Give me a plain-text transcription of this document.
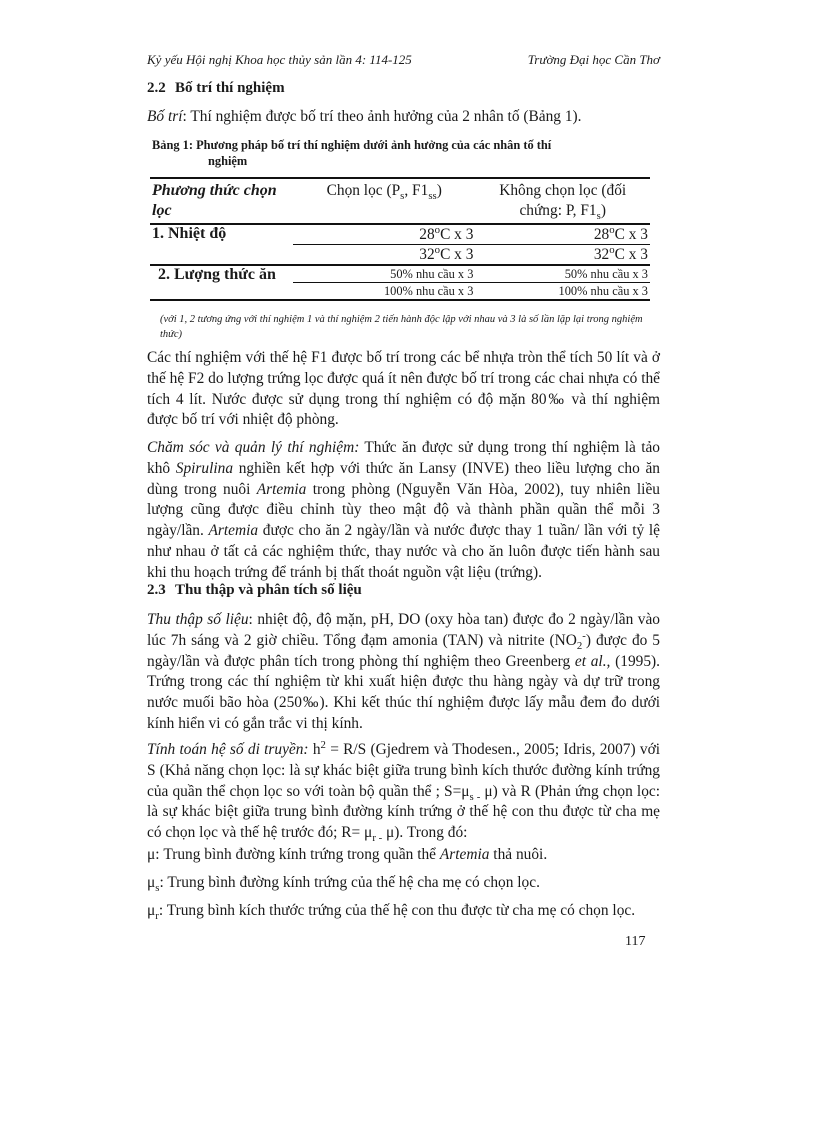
Kỷ yếu Hội nghị Khoa học thủy sản lần 4: 114-125	Trường Đại học Cần Thơ
2.2 Bố trí thí nghiệm
Bố trí: Thí nghiệm được bố trí theo ảnh hưởng của 2 nhân tố (Bảng 1).
Bảng 1: Phương pháp bố trí thí nghiệm dưới ảnh hưởng của các nhân tố thí
nghiệm
Phương thức chọn
lọc	Chọn lọc ($P_s$, $F1_{ss}$)	Không chọn lọc (đối
chứng: P, $F1_s$)
1. Nhiệt độ	28$^o$C x 3	28$^o$C x 3
	32$^o$C x 3	32$^o$C x 3
2. Lượng thức ăn	50% nhu cầu x 3	50% nhu cầu x 3
	100% nhu cầu x 3	100% nhu cầu x 3
(với 1, 2 tương ứng với thí nghiệm 1 và thí nghiệm 2 tiến hành độc lập với nhau và 3 là số lần lặp lại trong nghiệm thức)
Các thí nghiệm với thế hệ F1 được bố trí trong các bể nhựa tròn thể tích 50 lít và ở thế hệ F2 do lượng trứng lọc được quá ít nên được bố trí trong các chai nhựa có thể tích 4 lít. Nước được sử dụng trong thí nghiệm có độ mặn 80‰ và thí nghiệm được bố trí với nhiệt độ phòng.
Chăm sóc và quản lý thí nghiệm: Thức ăn được sử dụng trong thí nghiệm là tảo khô Spirulina nghiền kết hợp với thức ăn Lansy (INVE) theo liều lượng cho ăn dùng trong nuôi Artemia trong phòng (Nguyễn Văn Hòa, 2002), tuy nhiên liều lượng cũng được điều chỉnh tùy theo mật độ và thành phần quần thể mỗi 3 ngày/lần. Artemia được cho ăn 2 ngày/lần và nước được thay 1 tuần/ lần với tỷ lệ như nhau ở tất cả các nghiệm thức, thay nước và cho ăn luôn được tiến hành sau khi thu hoạch trứng để tránh bị thất thoát nguồn vật liệu (trứng).
2.3 Thu thập và phân tích số liệu
Thu thập số liệu: nhiệt độ, độ mặn, pH, DO (oxy hòa tan) được đo 2 ngày/lần vào lúc 7h sáng và 2 giờ chiều. Tổng đạm amonia (TAN) và nitrite $(NO_2^-)$ được đo 5 ngày/lần và được phân tích trong phòng thí nghiệm theo Greenberg et al., (1995). Trứng trong các thí nghiệm từ khi xuất hiện được thu hàng ngày và dự trữ trong nước muối bão hòa (250‰). Khi kết thúc thí nghiệm được lấy mẫu đem đo dưới kính hiển vi có gắn trắc vi thị kính.
Tính toán hệ số di truyền: $h^2 = R/S$ (Gjedrem và Thodesen., 2005; Idris, 2007) với S (Khả năng chọn lọc: là sự khác biệt giữa trung bình kích thước đường kính trứng của quần thể chọn lọc so với toàn bộ quần thể ; $S=\mu_{s -}$ μ) và R (Phản ứng chọn lọc: là sự khác biệt giữa trung bình đường kính trứng ở thế hệ con thu được từ cha mẹ có chọn lọc và thế hệ trước đó; $R= \mu_{r -}$ μ). Trong đó:
μ: Trung bình đường kính trứng trong quần thể Artemia thả nuôi.
$\mu_s$: Trung bình đường kính trứng của thế hệ cha mẹ có chọn lọc.
$\mu_r$: Trung bình kích thước trứng của thế hệ con thu được từ cha mẹ có chọn lọc.
117
